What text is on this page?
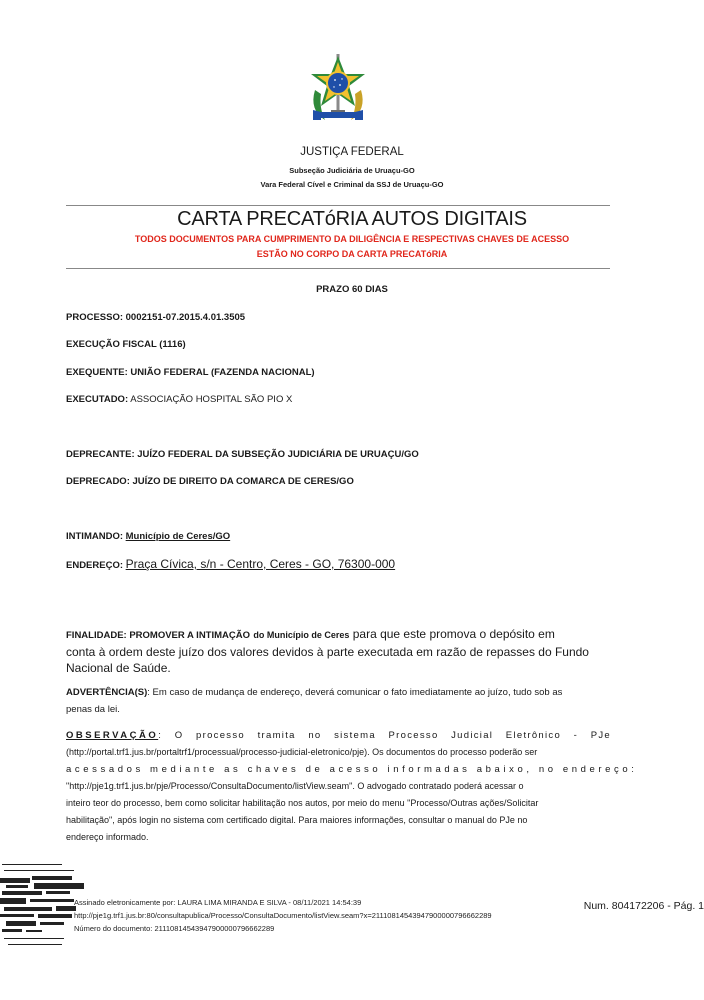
JUSTIÇA FEDERAL
Subseção Judiciária de Uruaçu-GO
Vara Federal Cível e Criminal da SSJ de Uruaçu-GO
CARTA PRECATóRIA AUTOS DIGITAIS
TODOS DOCUMENTOS PARA CUMPRIMENTO DA DILIGÊNCIA E RESPECTIVAS CHAVES DE ACESSO
ESTÃO NO CORPO DA CARTA PRECATóRIA
PRAZO 60 DIAS
PROCESSO: 0002151-07.2015.4.01.3505
EXECUÇÃO FISCAL (1116)
EXEQUENTE: UNIÃO FEDERAL (FAZENDA NACIONAL)
EXECUTADO: ASSOCIAÇÃO HOSPITAL SÃO PIO X
DEPRECANTE: JUÍZO FEDERAL DA SUBSEÇÃO JUDICIÁRIA DE URUAÇU/GO
DEPRECADO: JUÍZO DE DIREITO DA COMARCA DE CERES/GO
INTIMANDO: Município de Ceres/GO
ENDEREÇO: Praça Cívica, s/n - Centro, Ceres - GO, 76300-000
FINALIDADE: PROMOVER A INTIMAÇÃO do Município de Ceres para que este promova o depósito em
conta à ordem deste juízo dos valores devidos à parte executada em razão de repasses do Fundo
Nacional de Saúde.
ADVERTÊNCIA(S): Em caso de mudança de endereço, deverá comunicar o fato imediatamente ao juízo, tudo sob as
penas da lei.
OBSERVAÇÃO: O processo tramita no sistema Processo Judicial Eletrônico - PJe
(http://portal.trf1.jus.br/portaltrf1/processual/processo-judicial-eletronico/pje). Os documentos do processo poderão ser
acessados mediante as chaves de acesso informadas abaixo, no endereço:
"http://pje1g.trf1.jus.br/pje/Processo/ConsultaDocumento/listView.seam". O advogado contratado poderá acessar o
inteiro teor do processo, bem como solicitar habilitação nos autos, por meio do menu "Processo/Outras ações/Solicitar
habilitação", após login no sistema com certificado digital. Para maiores informações, consultar o manual do PJe no
endereço informado.
Assinado eletronicamente por: LAURA LIMA MIRANDA E SILVA - 08/11/2021 14:54:39
http://pje1g.trf1.jus.br:80/consultapublica/Processo/ConsultaDocumento/listView.seam?x=21110814543947900000796662289
Número do documento: 21110814543947900000796662289
Num. 804172206 - Pág. 1
